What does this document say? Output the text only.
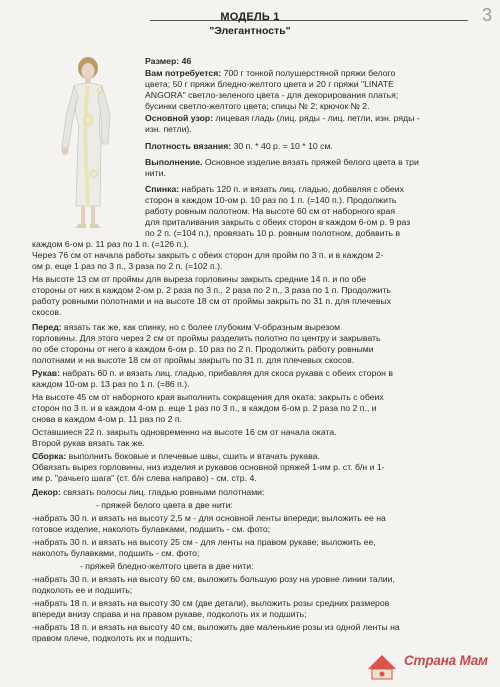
3
МОДЕЛЬ 1
"Элегантность"
Размер: 46
Вам потребуется: 700 г тонкой полушерстяной пряжи белого
цвета; 50 г пряжи бледно-желтого цвета и 20 г пряжи "LINATE
ANGORA" светло-зеленого цвета - для декорирования платья;
бусинки светло-желтого цвета; спицы № 2; крючок № 2.
Основной узор: лицевая гладь (лиц. ряды - лиц. петли, изн. ряды -
изн. петли).
Плотность вязания: 30 п. * 40 р. = 10 * 10 см.
Выполнение. Основное изделие вязать пряжей белого цвета в три
нити.
Спинка: набрать 120 п. и вязать лиц. гладью, добавляя с обеих
сторон в каждом 10-ом р. 10 раз по 1 п. (=140 п.). Продолжить
работу ровным полотном. На высоте 60 см от наборного края
для приталивания закрыть с обеих сторон в каждом 6-ом р. 9 раз
по 2 п. (=104 п.), провязать 10 р. ровным полотном, добавить в
каждом 6-ом р. 11 раз по 1 п. (=126 п.).
Через 76 см от начала работы закрыть с обеих сторон для пройм по 3 п. и в каждом 2-
ом р. еще 1 раз по 3 п., 3 раза по 2 п. (=102 п.).
На высоте 13 см от проймы для выреза горловины закрыть средние 14 п. и по обе
стороны от них в каждом 2-ом р. 2 раза по 3 п., 2 раза по 2 п., 3 раза по 1 п. Продолжить
работу ровными полотнами и на высоте 18 см от проймы закрыть по 31 п. для плечевых
скосов.
Перед: вязать так же, как спинку, но с более глубоким V-образным вырезом
горловины. Для этого через 2 см от проймы разделить полотно по центру и закрывать
по обе стороны от него в каждом 6-ом р. 10 раз по 2 п. Продолжить работу ровными
полотнами и на высоте 18 см от проймы закрыть по 31 п. для плечевых скосов.
Рукав: набрать 60 п. и вязать лиц. гладью, прибавляя для скоса рукава с обеих сторон в
каждом 10-ом р. 13 раз по 1 п. (=86 п.).
На высоте 45 см от наборного края выполнить сокращения для оката: закрыть с обеих
сторон по 3 п. и в каждом 4-ом р. еще 1 раз по 3 п., в каждом 6-ом р. 2 раза по 2 п., и
снова в каждом 4-ом р. 11 раз по 2 п.
Оставшиеся 22 п. закрыть одновременно на высоте 16 см от начала оката.
Второй рукав вязать так же.
Сборка: выполнить боковые и плечевые швы, сшить и втачать рукава.
Обвязать вырез горловины, низ изделия и рукавов основной пряжей 1-им р. ст. б/н и 1-
им р. "рачьего шага" (ст. б/н слева направо) - см. стр. 4.
Декор: связать полосы лиц. гладью ровными полотнами:
- пряжей белого цвета в две нити:
-набрать 30 п. и вязать на высоту 2,5 м - для основной ленты впереди; выложить ее на
готовое изделие, наколоть булавками, подшить - см. фото;
-набрать 30 п. и вязать на высоту 25 см - для ленты на правом рукаве; выложить ее,
наколоть булавками, подшить - см. фото;
- пряжей бледно-желтого цвета в две нити:
-набрать 30 п. и вязать на высоту 60 см, выложить большую розу на уровне линии талии,
подколоть ее и подшить;
-набрать 18 п. и вязать на высоту 30 см (две детали), выложить розы средних размеров
впереди внизу справа и на правом рукаве, подколоть их и подшить;
-набрать 18 п. и вязать на высоту 40 см, выложить две маленькие розы из одной ленты на
правом плече, подколоть их и подшить;
Страна Мам
